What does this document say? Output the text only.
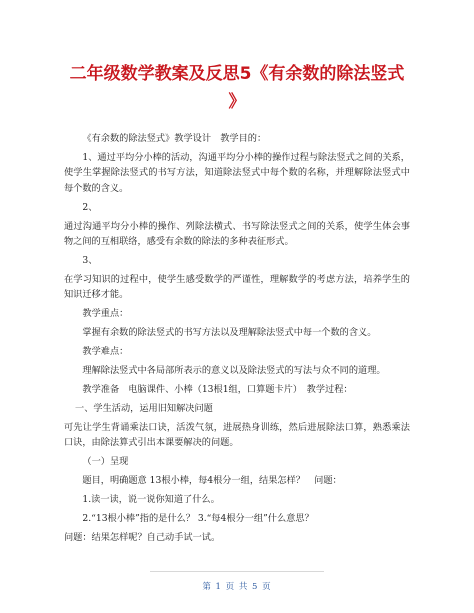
二年级数学教案及反思5《有余数的除法竖式
》

《有余数的除法竖式》教学设计　教学目的：

1、通过平均分小棒的活动，沟通平均分小棒的操作过程与除法竖式之间的关系，使学生掌握除法竖式的书写方法，知道除法竖式中每个数的名称，并理解除法竖式中每个数的含义。

2、

通过沟通平均分小棒的操作、列除法横式、书写除法竖式之间的关系，使学生体会事物之间的互相联络，感受有余数的除法的多种表征形式。

3、

在学习知识的过程中，使学生感受数学的严谨性，理解数学的考虑方法，培养学生的知识迁移才能。

教学重点：

掌握有余数的除法竖式的书写方法以及理解除法竖式中每一个数的含义。

教学难点：

理解除法竖式中各局部所表示的意义以及除法竖式的写法与众不同的道理。

教学准备　电脑课件、小棒（13根1组，口算题卡片）　教学过程：

一、学生活动，运用旧知解决问题

可先让学生背诵乘法口诀，活泼气氛，进展热身训练，然后进展除法口算，熟悉乘法口诀，由除法算式引出本课要解决的问题。

（一）呈现

题目，明确题意 13根小棒，每4根分一组，结果怎样？　问题：

1.读一读，说一说你知道了什么。

2.“13根小棒”指的是什么？ 3.“每4根分一组”什么意思？

问题：结果怎样呢？自己动手试一试。

第 1 页 共 5 页
